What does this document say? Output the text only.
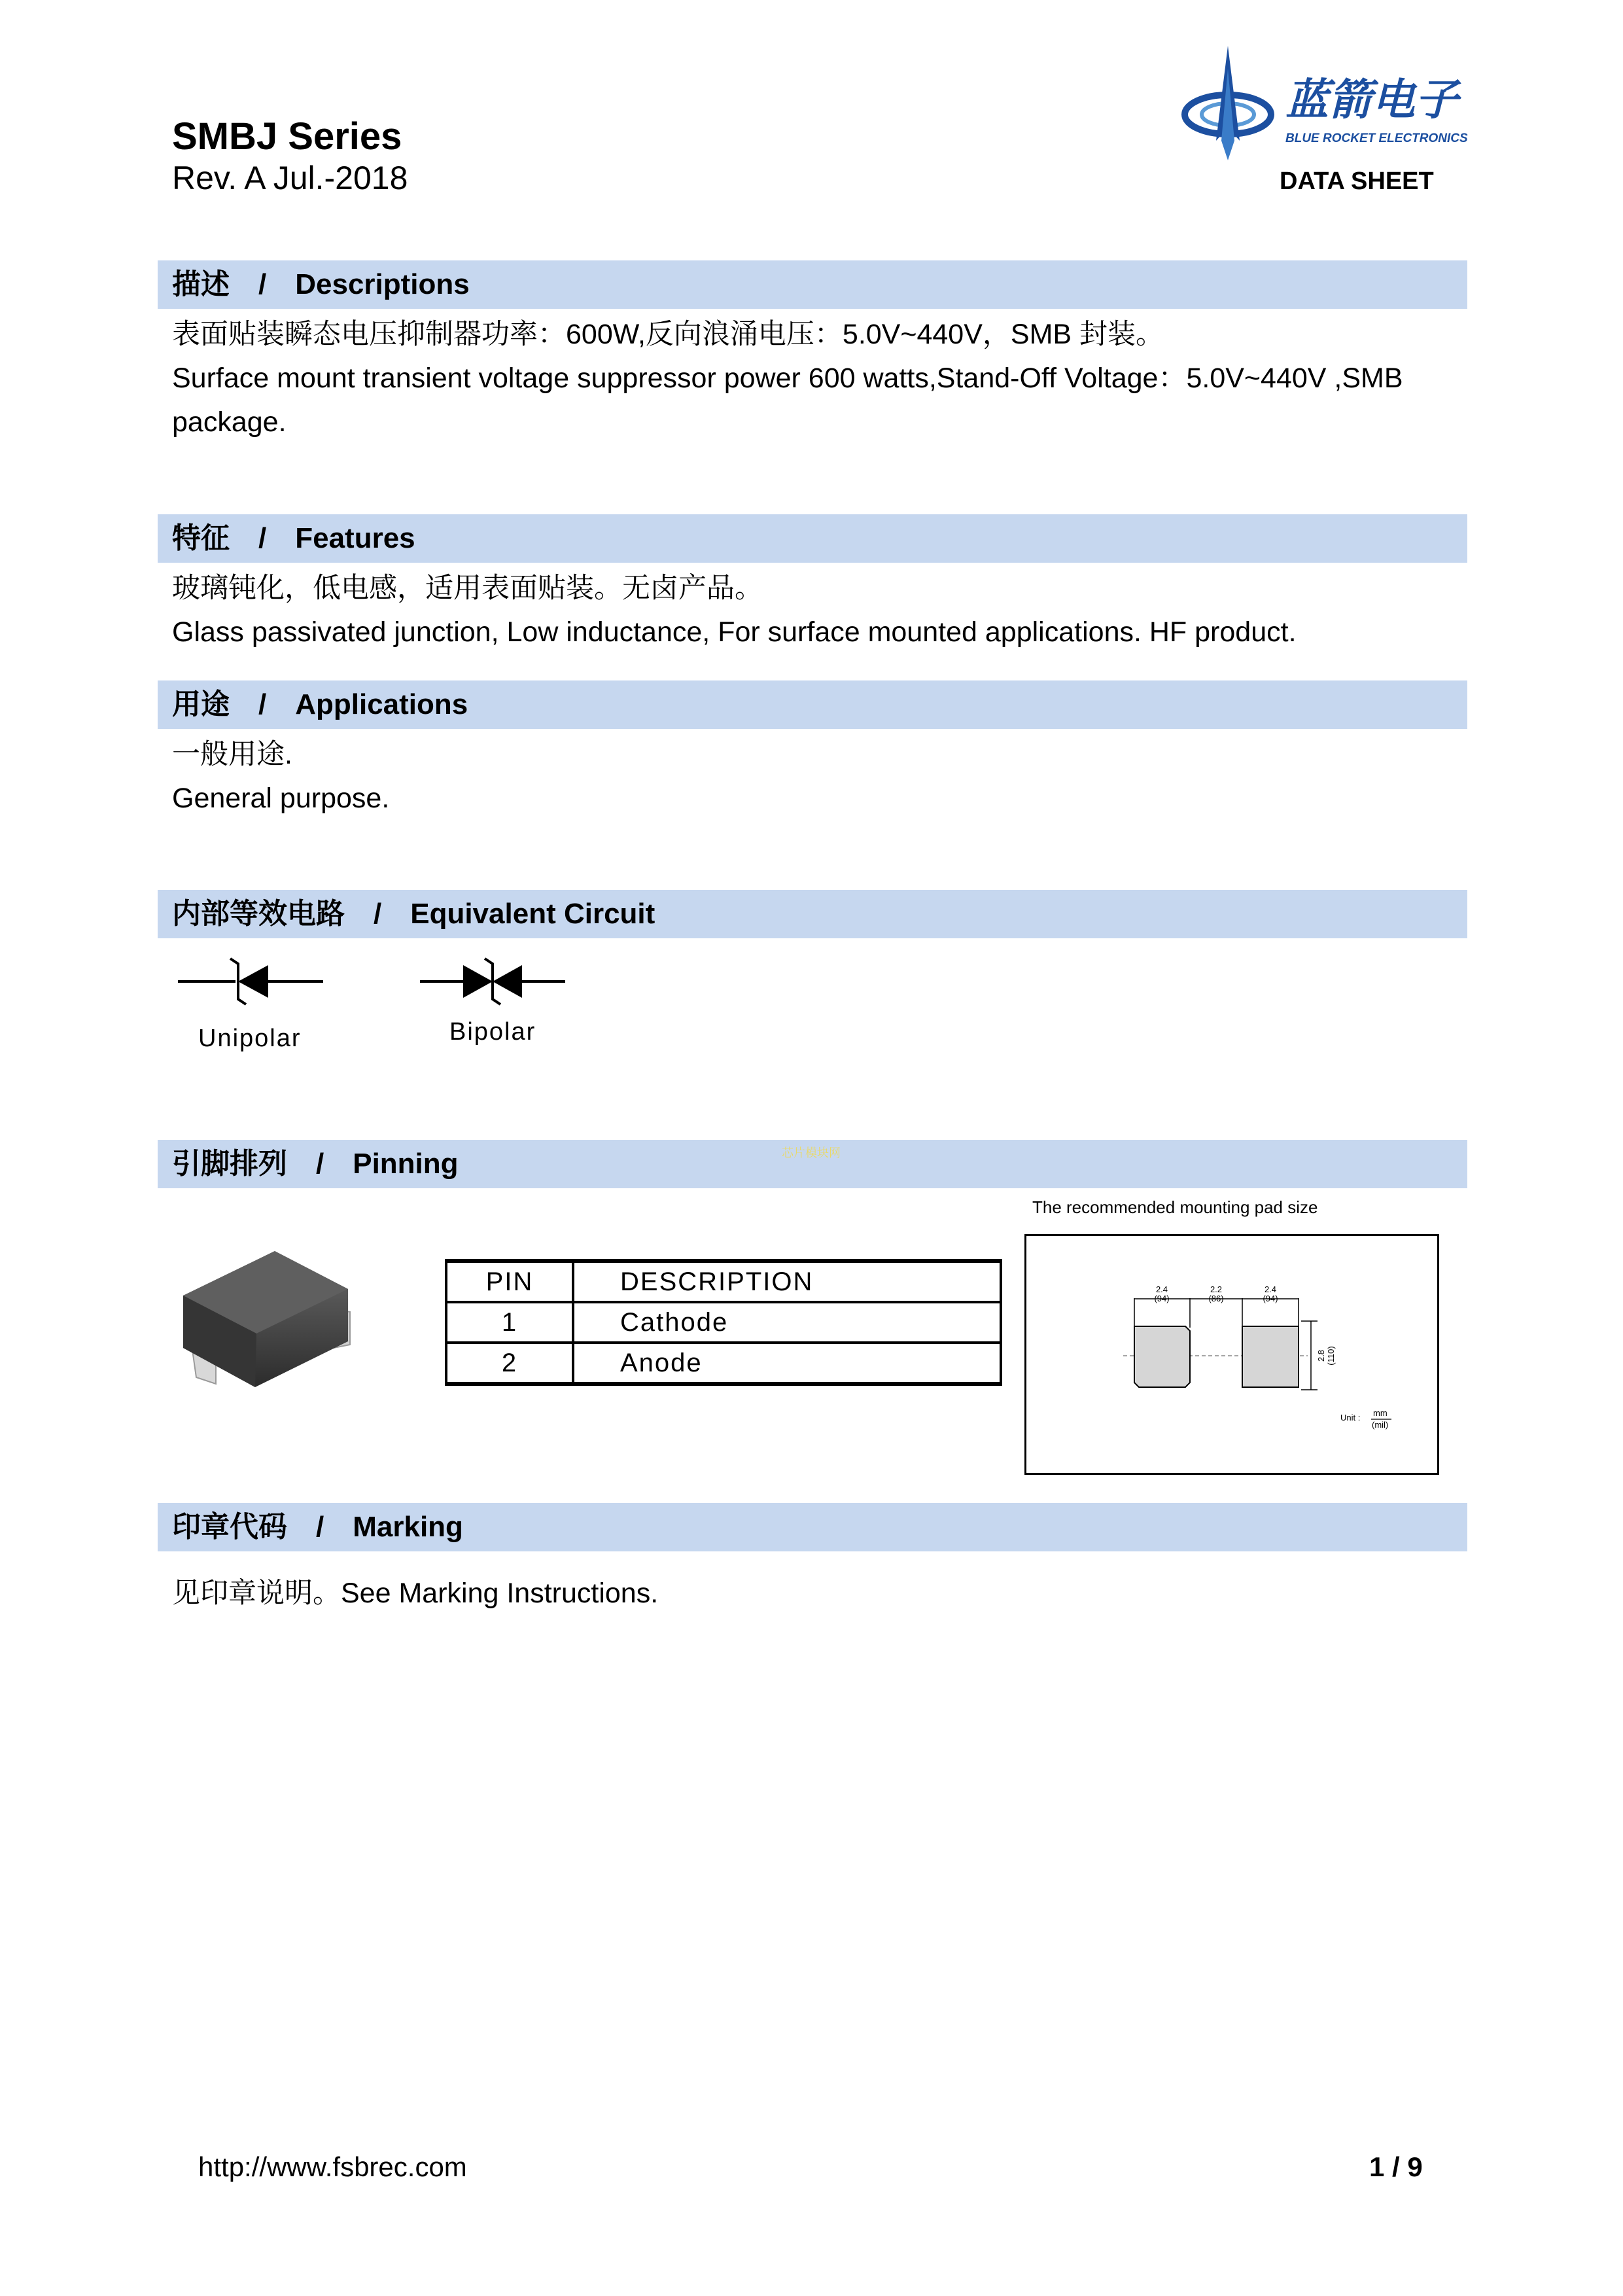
SMBJ Series
Rev. A Jul.-2018
蓝箭电子
BLUE ROCKET ELECTRONICS
DATA SHEET
描述 / Descriptions
表面贴装瞬态电压抑制器功率：600W,反向浪涌电压：5.0V~440V，SMB 封装。
Surface mount transient voltage suppressor power 600 watts,Stand-Off Voltage：5.0V~440V ,SMB
package.
特征 / Features
玻璃钝化，低电感，适用表面贴装。无卤产品。
Glass passivated junction, Low inductance, For surface mounted applications. HF product.
用途 / Applications
一般用途.
General purpose.
内部等效电路 / Equivalent Circuit
Unipolar	Bipolar
引脚排列 / Pinning	芯片模块网
PIN	DESCRIPTION
1	Cathode
2	Anode
The recommended mounting pad size
2.4
(94)
2.2
(86)
2.4
(94)
2.8 (110)
Unit : mm
(mil)
印章代码 / Marking
见印章说明。See Marking Instructions.
http://www.fsbrec.com	1 / 9
